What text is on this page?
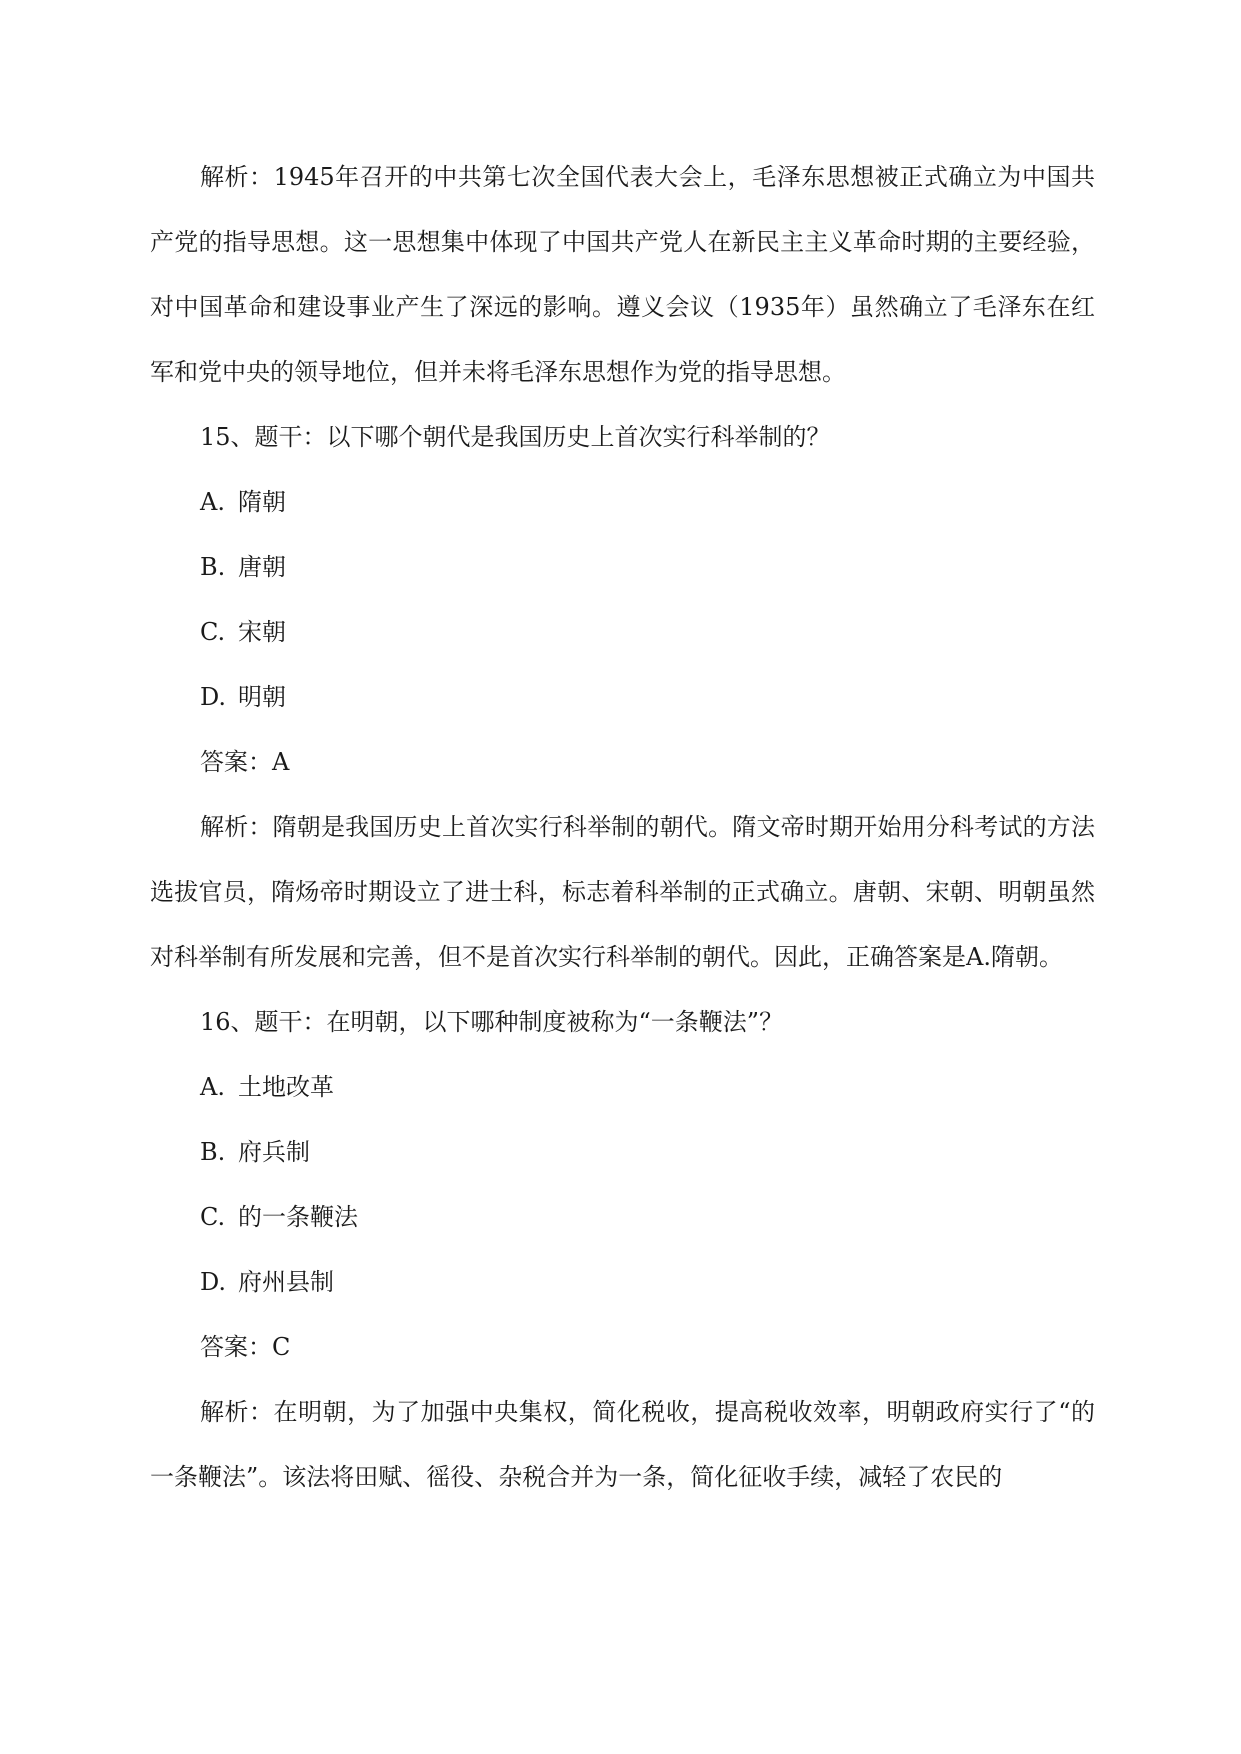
解析：1945年召开的中共第七次全国代表大会上，毛泽东思想被正式确立为中国共产党的指导思想。这一思想集中体现了中国共产党人在新民主主义革命时期的主要经验，对中国革命和建设事业产生了深远的影响。遵义会议（1935年）虽然确立了毛泽东在红军和党中央的领导地位，但并未将毛泽东思想作为党的指导思想。

15、题干：以下哪个朝代是我国历史上首次实行科举制的？

A. 隋朝

B. 唐朝

C. 宋朝

D. 明朝

答案：A

解析：隋朝是我国历史上首次实行科举制的朝代。隋文帝时期开始用分科考试的方法选拔官员，隋炀帝时期设立了进士科，标志着科举制的正式确立。唐朝、宋朝、明朝虽然对科举制有所发展和完善，但不是首次实行科举制的朝代。因此，正确答案是A.隋朝。

16、题干：在明朝，以下哪种制度被称为“一条鞭法”？

A. 土地改革

B. 府兵制

C. 的一条鞭法

D. 府州县制

答案：C

解析：在明朝，为了加强中央集权，简化税收，提高税收效率，明朝政府实行了“的一条鞭法”。该法将田赋、徭役、杂税合并为一条，简化征收手续，减轻了农民的
